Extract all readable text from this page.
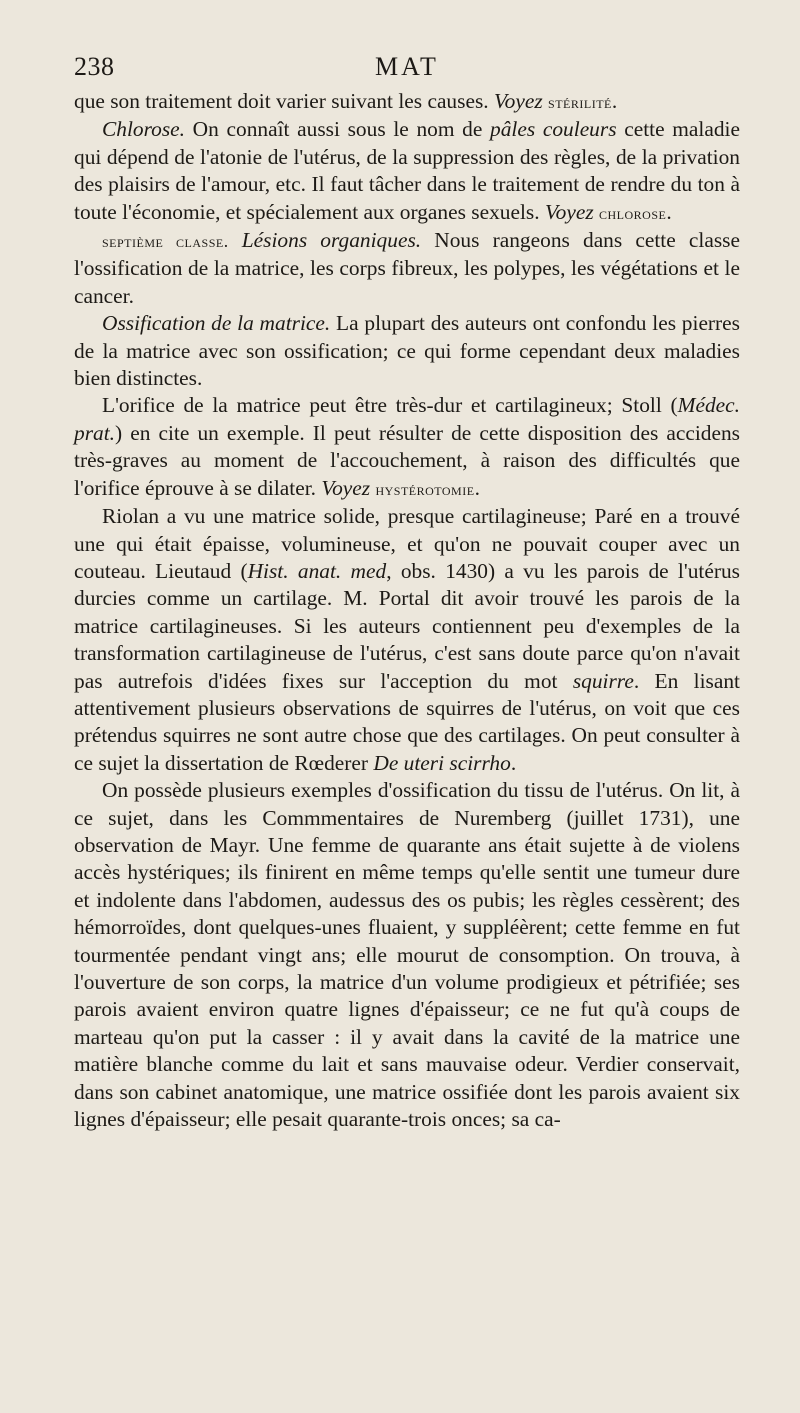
238	MAT

que son traitement doit varier suivant les causes. Voyez stérilité.

Chlorose. On connaît aussi sous le nom de pâles couleurs cette maladie qui dépend de l'atonie de l'utérus, de la suppression des règles, de la privation des plaisirs de l'amour, etc. Il faut tâcher dans le traitement de rendre du ton à toute l'économie, et spécialement aux organes sexuels. Voyez chlorose.

septième classe. Lésions organiques. Nous rangeons dans cette classe l'ossification de la matrice, les corps fibreux, les polypes, les végétations et le cancer.

Ossification de la matrice. La plupart des auteurs ont confondu les pierres de la matrice avec son ossification; ce qui forme cependant deux maladies bien distinctes.

L'orifice de la matrice peut être très-dur et cartilagineux; Stoll (Médec. prat.) en cite un exemple. Il peut résulter de cette disposition des accidens très-graves au moment de l'accouchement, à raison des difficultés que l'orifice éprouve à se dilater. Voyez hystérotomie.

Riolan a vu une matrice solide, presque cartilagineuse; Paré en a trouvé une qui était épaisse, volumineuse, et qu'on ne pouvait couper avec un couteau. Lieutaud (Hist. anat. med, obs. 1430) a vu les parois de l'utérus durcies comme un cartilage. M. Portal dit avoir trouvé les parois de la matrice cartilagineuses. Si les auteurs contiennent peu d'exemples de la transformation cartilagineuse de l'utérus, c'est sans doute parce qu'on n'avait pas autrefois d'idées fixes sur l'acception du mot squirre. En lisant attentivement plusieurs observations de squirres de l'utérus, on voit que ces prétendus squirres ne sont autre chose que des cartilages. On peut consulter à ce sujet la dissertation de Rœderer De uteri scirrho.

On possède plusieurs exemples d'ossification du tissu de l'utérus. On lit, à ce sujet, dans les Commmentaires de Nuremberg (juillet 1731), une observation de Mayr. Une femme de quarante ans était sujette à de violens accès hystériques; ils finirent en même temps qu'elle sentit une tumeur dure et indolente dans l'abdomen, audessus des os pubis; les règles cessèrent; des hémorroïdes, dont quelques-unes fluaient, y suppléèrent; cette femme en fut tourmentée pendant vingt ans; elle mourut de consomption. On trouva, à l'ouverture de son corps, la matrice d'un volume prodigieux et pétrifiée; ses parois avaient environ quatre lignes d'épaisseur; ce ne fut qu'à coups de marteau qu'on put la casser : il y avait dans la cavité de la matrice une matière blanche comme du lait et sans mauvaise odeur. Verdier conservait, dans son cabinet anatomique, une matrice ossifiée dont les parois avaient six lignes d'épaisseur; elle pesait quarante-trois onces; sa ca-
